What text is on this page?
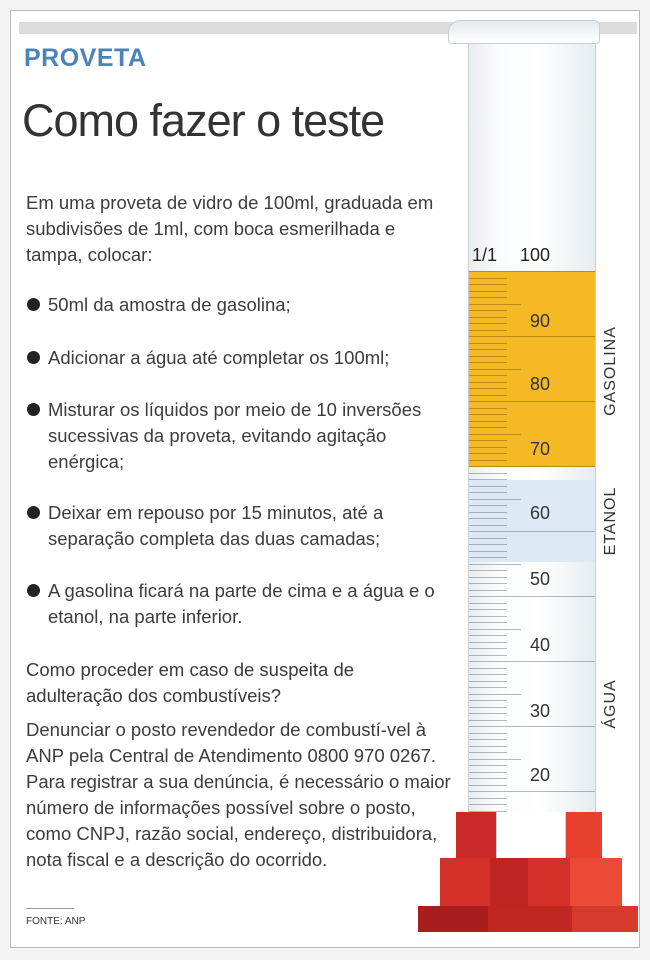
PROVETA
Como fazer o teste
Em uma proveta de vidro de 100ml, graduada em subdivisões de 1ml, com boca esmerilhada e tampa, colocar:
50ml da amostra de gasolina;
Adicionar a água até completar os 100ml;
Misturar os líquidos por meio de 10 inversões sucessivas da proveta, evitando agitação enérgica;
Deixar em repouso por 15 minutos, até a separação completa das duas camadas;
A gasolina ficará na parte de cima e a água e o etanol, na parte inferior.
Como proceder em caso de suspeita de adulteração dos combustíveis?
Denunciar o posto revendedor de combustí-vel à ANP pela Central de Atendimento 0800 970 0267. Para registrar a sua denúncia, é necessário o maior número de informações possível sobre o posto, como CNPJ, razão social, endereço, distribuidora, nota fiscal e a descrição do ocorrido.
FONTE: ANP
1/1 100
90
80
70
60
50
40
30
20
GASOLINA
ETANOL
ÁGUA
